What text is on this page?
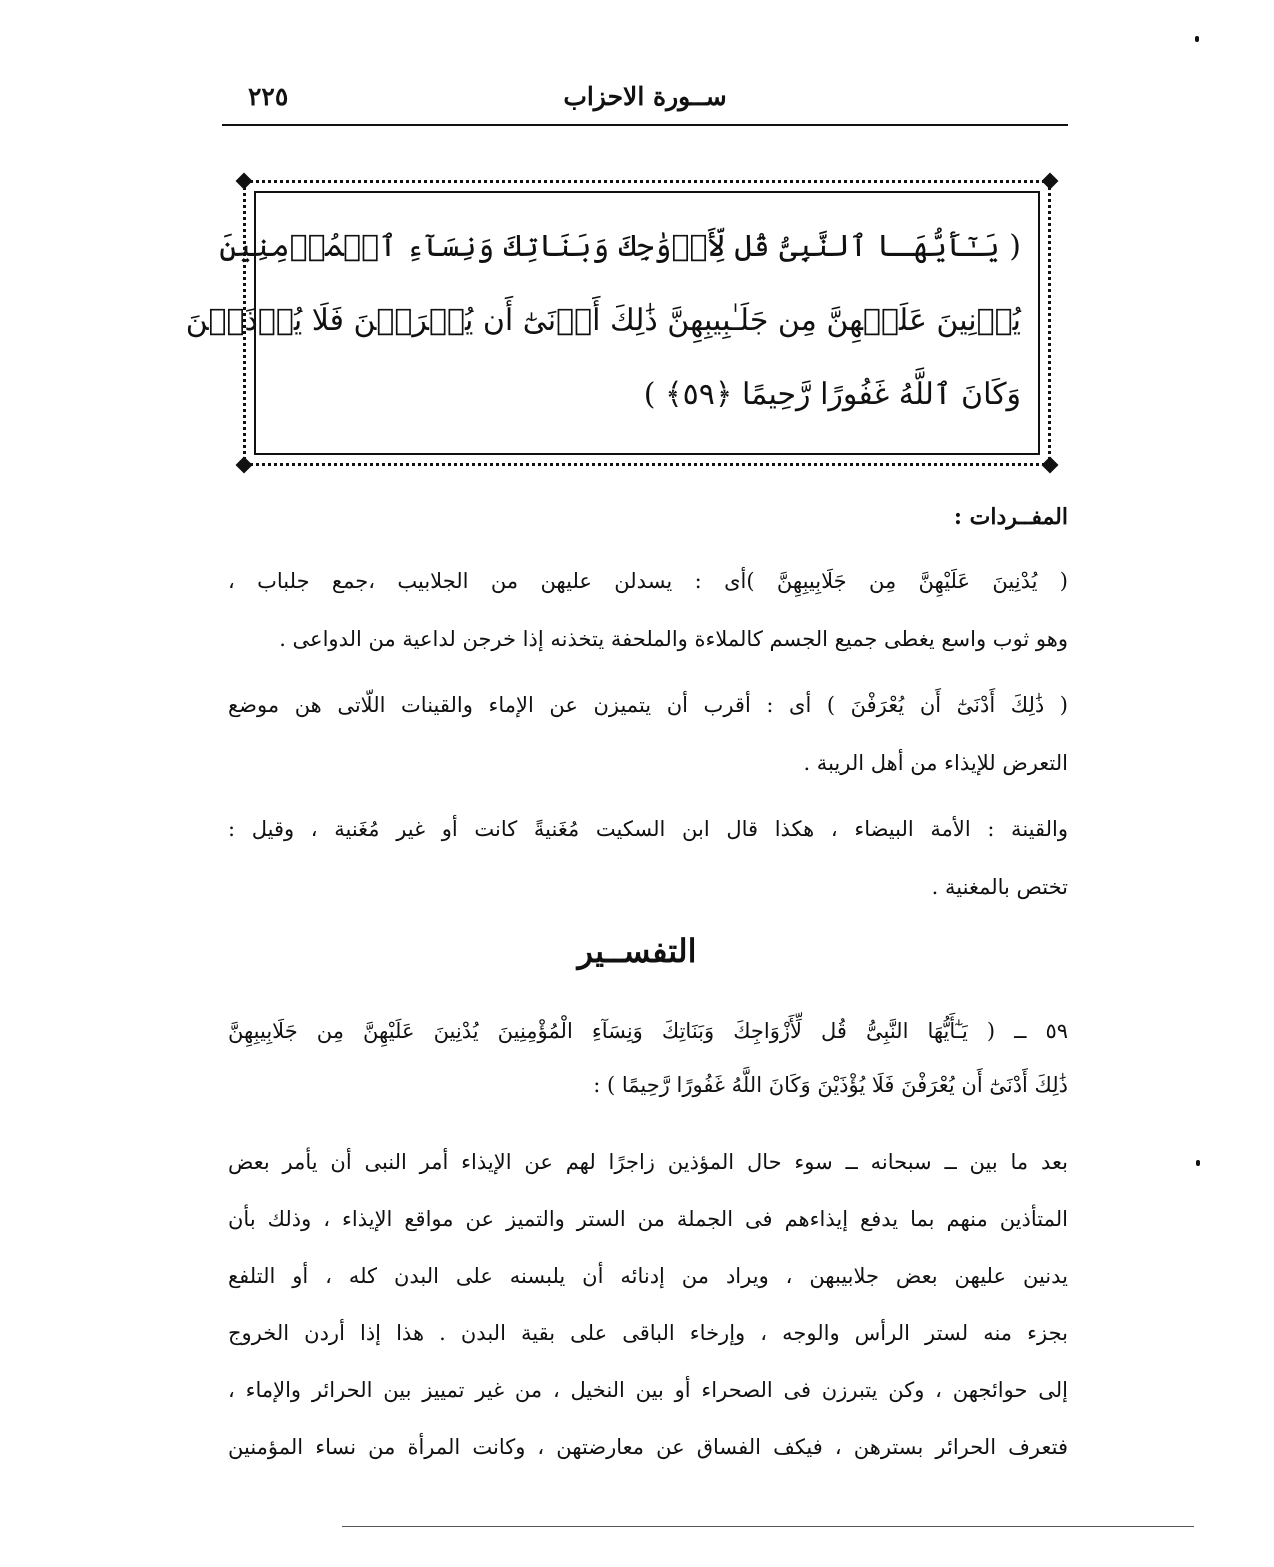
ســورة الاحزاب
٢٢٥
( يَـٰٓأَيُّهَـا ٱلنَّبِىُّ قُل لِّأَزۡوَٰجِكَ وَبَنَاتِكَ وَنِسَآءِ ٱلۡمُؤۡمِنِينَ
يُدۡنِينَ عَلَيۡهِنَّ مِن جَلَـٰبِيبِهِنَّ ذَٰلِكَ أَدۡنَىٰٓ أَن يُعۡرَفۡنَ فَلَا يُؤۡذَيۡنَ
وَكَانَ ٱللَّهُ غَفُورًا رَّحِيمًا ﴿٥٩﴾ )
المفــردات :
( يُدْنِينَ عَلَيْهِنَّ مِن جَلَابِيبِهِنَّ )أى : يسدلن عليهن من الجلابيب ،جمع جلباب ،
وهو ثوب واسع يغطى جميع الجسم كالملاءة والملحفة يتخذنه إذا خرجن لداعية من الدواعى .
( ذَٰلِكَ أَدْنَىٰٓ أَن يُعْرَفْنَ ) أى : أقرب أن يتميزن عن الإماء والقينات اللّاتى هن موضع
التعرض للإيذاء من أهل الريبة .
والقينة : الأمة البيضاء ، هكذا قال ابن السكيت مُغَنيةً كانت أو غير مُغَنية ، وقيل :
تختص بالمغنية .
التفســير
٥٩ ــ ( يَـٰٓأَيُّهَا النَّبِىُّ قُل لِّأَزْوَاجِكَ وَبَنَاتِكَ وَنِسَآءِ الْمُؤْمِنِينَ يُدْنِينَ عَلَيْهِنَّ مِن جَلَابِيبِهِنَّ
ذَٰلِكَ أَدْنَىٰٓ أَن يُعْرَفْنَ فَلَا يُؤْذَيْنَ وَكَانَ اللَّهُ غَفُورًا رَّحِيمًا ) :
بعد ما بين ــ سبحانه ــ سوء حال المؤذين زاجرًا لهم عن الإيذاء أمر النبى أن يأمر بعض
المتأذين منهم بما يدفع إيذاءهم فى الجملة من الستر والتميز عن مواقع الإيذاء ، وذلك بأن
يدنين عليهن بعض جلابيبهن ، ويراد من إدنائه أن يلبسنه على البدن كله ، أو التلفع
بجزء منه لستر الرأس والوجه ، وإرخاء الباقى على بقية البدن . هذا إذا أردن الخروج
إلى حوائجهن ، وكن يتبرزن فى الصحراء أو بين النخيل ، من غير تمييز بين الحرائر والإماء ،
فتعرف الحرائر بسترهن ، فيكف الفساق عن معارضتهن ، وكانت المرأة من نساء المؤمنين
